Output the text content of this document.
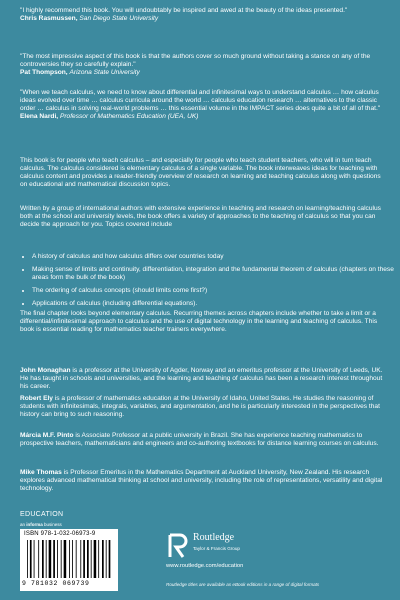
"I highly recommend this book. You will undoubtably be inspired and awed at the beauty of the ideas presented."

Chris Rasmussen, San Diego State University

"The most impressive aspect of this book is that the authors cover so much ground without taking a stance on any of the controversies they so carefully explain."

Pat Thompson, Arizona State University

"When we teach calculus, we need to know about differential and infinitesimal ways to understand calculus … how calculus ideas evolved over time … calculus curricula around the world … calculus education research … alternatives to the classic order … calculus in solving real-world problems … this essential volume in the IMPACT series does quite a bit of all of that."

Elena Nardi, Professor of Mathematics Education (UEA, UK)

This book is for people who teach calculus – and especially for people who teach student teachers, who will in turn teach calculus. The calculus considered is elementary calculus of a single variable. The book interweaves ideas for teaching with calculus content and provides a reader-friendly overview of research on learning and teaching calculus along with questions on educational and mathematical discussion topics.

Written by a group of international authors with extensive experience in teaching and research on learning/teaching calculus both at the school and university levels, the book offers a variety of approaches to the teaching of calculus so that you can decide the approach for you. Topics covered include

• A history of calculus and how calculus differs over countries today
• Making sense of limits and continuity, differentiation, integration and the fundamental theorem of calculus (chapters on these areas form the bulk of the book)
• The ordering of calculus concepts (should limits come first?)
• Applications of calculus (including differential equations).

The final chapter looks beyond elementary calculus. Recurring themes across chapters include whether to take a limit or a differential/infinitesimal approach to calculus and the use of digital technology in the learning and teaching of calculus. This book is essential reading for mathematics teacher trainers everywhere.

John Monaghan is a professor at the University of Agder, Norway and an emeritus professor at the University of Leeds, UK. He has taught in schools and universities, and the learning and teaching of calculus has been a research interest throughout his career.

Robert Ely is a professor of mathematics education at the University of Idaho, United States. He studies the reasoning of students with infinitesimals, integrals, variables, and argumentation, and he is particularly interested in the perspectives that history can bring to such reasoning.

Márcia M.F. Pinto is Associate Professor at a public university in Brazil. She has experience teaching mathematics to prospective teachers, mathematicians and engineers and co-authoring textbooks for distance learning courses on calculus.

Mike Thomas is Professor Emeritus in the Mathematics Department at Auckland University, New Zealand. His research explores advanced mathematical thinking at school and university, including the role of representations, versatility and digital technology.

EDUCATION
an informa business
ISBN 978-1-032-06973-9
9 781032 069739
Routledge
Taylor & Francis Group
www.routledge.com/education
Routledge titles are available as eBook editions in a range of digital formats
